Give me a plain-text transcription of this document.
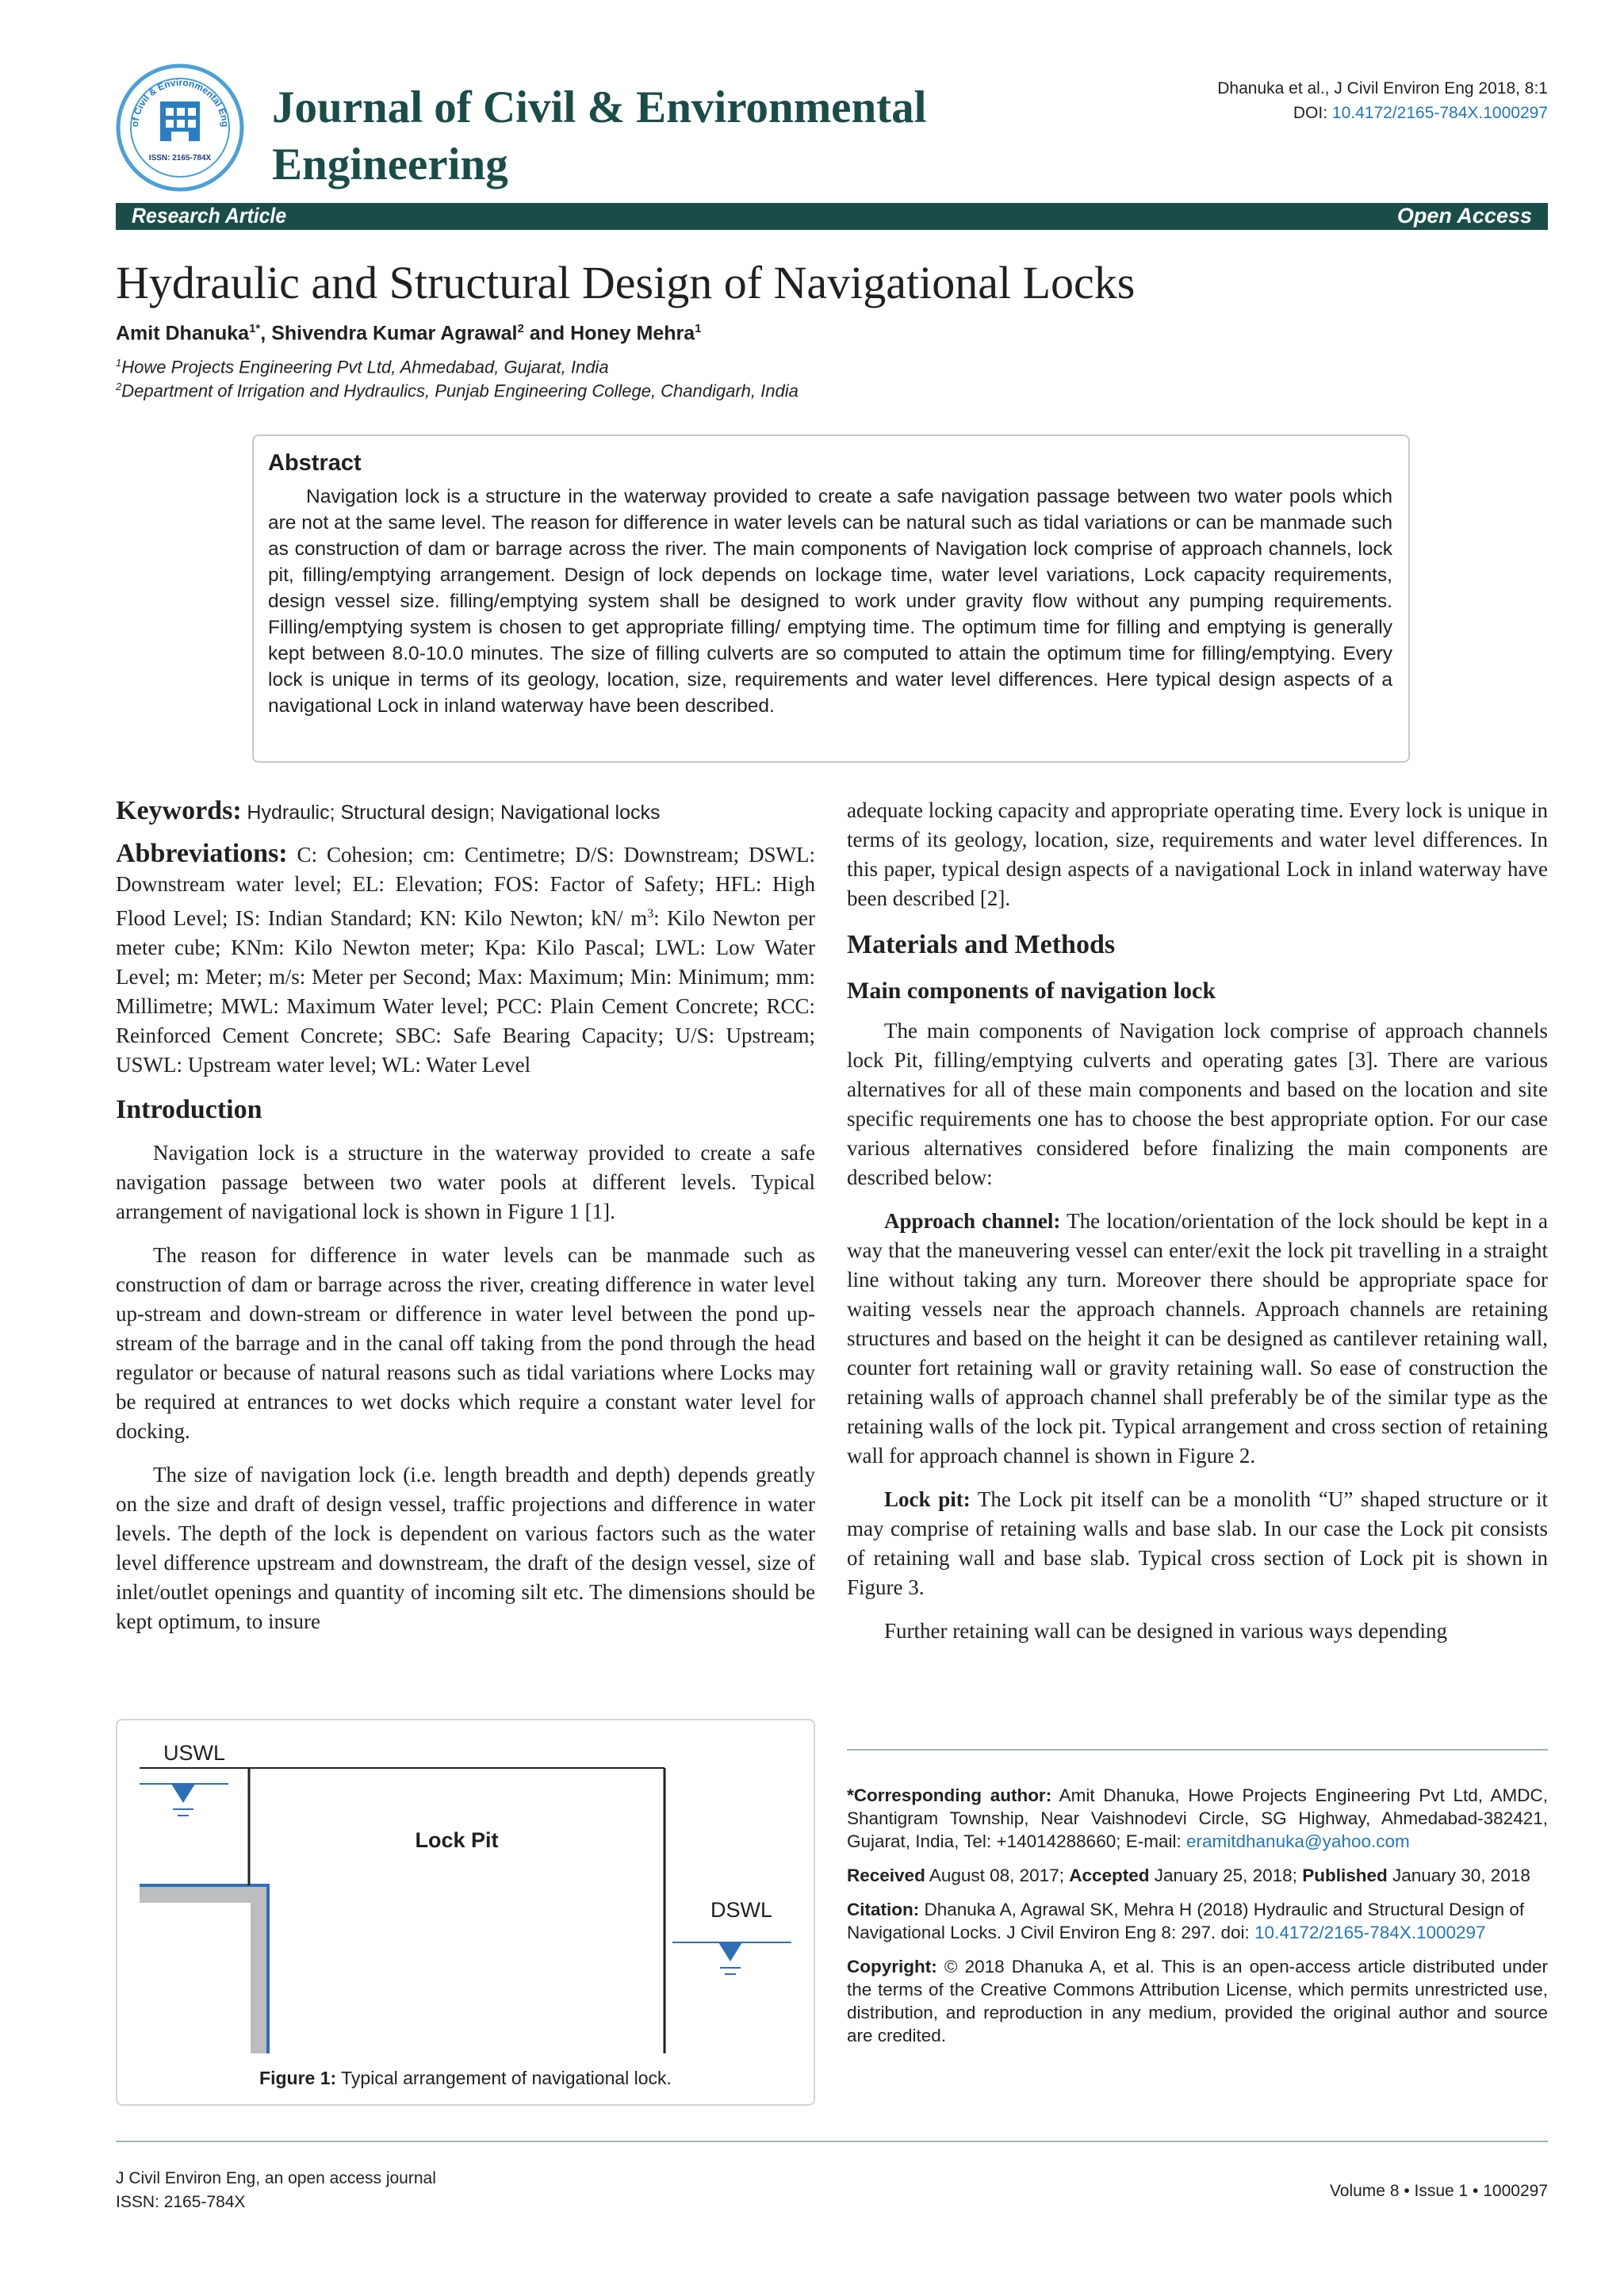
of Civil & Environmental Eng
ISSN: 2165-784X
Journal of Civil & Environmental
Engineering
Dhanuka et al., J Civil Environ Eng 2018, 8:1
DOI: 10.4172/2165-784X.1000297
Research Article	Open Access
Hydraulic and Structural Design of Navigational Locks
Amit Dhanuka$^{1*}$, Shivendra Kumar Agrawal$^2$ and Honey Mehra$^1$
$^1$Howe Projects Engineering Pvt Ltd, Ahmedabad, Gujarat, India
$^2$Department of Irrigation and Hydraulics, Punjab Engineering College, Chandigarh, India
Abstract

Navigation lock is a structure in the waterway provided to create a safe navigation passage between two water pools which are not at the same level. The reason for difference in water levels can be natural such as tidal variations or can be manmade such as construction of dam or barrage across the river. The main components of Navigation lock comprise of approach channels, lock pit, filling/emptying arrangement. Design of lock depends on lockage time, water level variations, Lock capacity requirements, design vessel size. filling/emptying system shall be designed to work under gravity flow without any pumping requirements. Filling/emptying system is chosen to get appropriate filling/ emptying time. The optimum time for filling and emptying is generally kept between 8.0-10.0 minutes. The size of filling culverts are so computed to attain the optimum time for filling/emptying. Every lock is unique in terms of its geology, location, size, requirements and water level differences. Here typical design aspects of a navigational Lock in inland waterway have been described.

Keywords: Hydraulic; Structural design; Navigational locks

Abbreviations: C: Cohesion; cm: Centimetre; D/S: Downstream; DSWL: Downstream water level; EL: Elevation; FOS: Factor of Safety; HFL: High Flood Level; IS: Indian Standard; KN: Kilo Newton; kN/ $m^3$: Kilo Newton per meter cube; KNm: Kilo Newton meter; Kpa: Kilo Pascal; LWL: Low Water Level; m: Meter; m/s: Meter per Second; Max: Maximum; Min: Minimum; mm: Millimetre; MWL: Maximum Water level; PCC: Plain Cement Concrete; RCC: Reinforced Cement Concrete; SBC: Safe Bearing Capacity; U/S: Upstream; USWL: Upstream water level; WL: Water Level

Introduction

Navigation lock is a structure in the waterway provided to create a safe navigation passage between two water pools at different levels. Typical arrangement of navigational lock is shown in Figure 1 [1].

The reason for difference in water levels can be manmade such as construction of dam or barrage across the river, creating difference in water level up-stream and down-stream or difference in water level between the pond up-stream of the barrage and in the canal off taking from the pond through the head regulator or because of natural reasons such as tidal variations where Locks may be required at entrances to wet docks which require a constant water level for docking.

The size of navigation lock (i.e. length breadth and depth) depends greatly on the size and draft of design vessel, traffic projections and difference in water levels. The depth of the lock is dependent on various factors such as the water level difference upstream and downstream, the draft of the design vessel, size of inlet/outlet openings and quantity of incoming silt etc. The dimensions should be kept optimum, to insure

adequate locking capacity and appropriate operating time. Every lock is unique in terms of its geology, location, size, requirements and water level differences. In this paper, typical design aspects of a navigational Lock in inland waterway have been described [2].

Materials and Methods
Main components of navigation lock

The main components of Navigation lock comprise of approach channels lock Pit, filling/emptying culverts and operating gates [3]. There are various alternatives for all of these main components and based on the location and site specific requirements one has to choose the best appropriate option. For our case various alternatives considered before finalizing the main components are described below:

Approach channel: The location/orientation of the lock should be kept in a way that the maneuvering vessel can enter/exit the lock pit travelling in a straight line without taking any turn. Moreover there should be appropriate space for waiting vessels near the approach channels. Approach channels are retaining structures and based on the height it can be designed as cantilever retaining wall, counter fort retaining wall or gravity retaining wall. So ease of construction the retaining walls of approach channel shall preferably be of the similar type as the retaining walls of the lock pit. Typical arrangement and cross section of retaining wall for approach channel is shown in Figure 2.

Lock pit: The Lock pit itself can be a monolith “U” shaped structure or it may comprise of retaining walls and base slab. In our case the Lock pit consists of retaining wall and base slab. Typical cross section of Lock pit is shown in Figure 3.

Further retaining wall can be designed in various ways depending

USWL
DSWL
Lock Pit
Figure 1: Typical arrangement of navigational lock.

*Corresponding author: Amit Dhanuka, Howe Projects Engineering Pvt Ltd, AMDC, Shantigram Township, Near Vaishnodevi Circle, SG Highway, Ahmedabad-382421, Gujarat, India, Tel: +14014288660; E-mail: eramitdhanuka@yahoo.com

Received August 08, 2017; Accepted January 25, 2018; Published January 30, 2018

Citation: Dhanuka A, Agrawal SK, Mehra H (2018) Hydraulic and Structural Design of Navigational Locks. J Civil Environ Eng 8: 297. doi: 10.4172/2165-784X.1000297

Copyright: © 2018 Dhanuka A, et al. This is an open-access article distributed under the terms of the Creative Commons Attribution License, which permits unrestricted use, distribution, and reproduction in any medium, provided the original author and source are credited.

J Civil Environ Eng, an open access journal
ISSN: 2165-784X
Volume 8 • Issue 1 • 1000297
